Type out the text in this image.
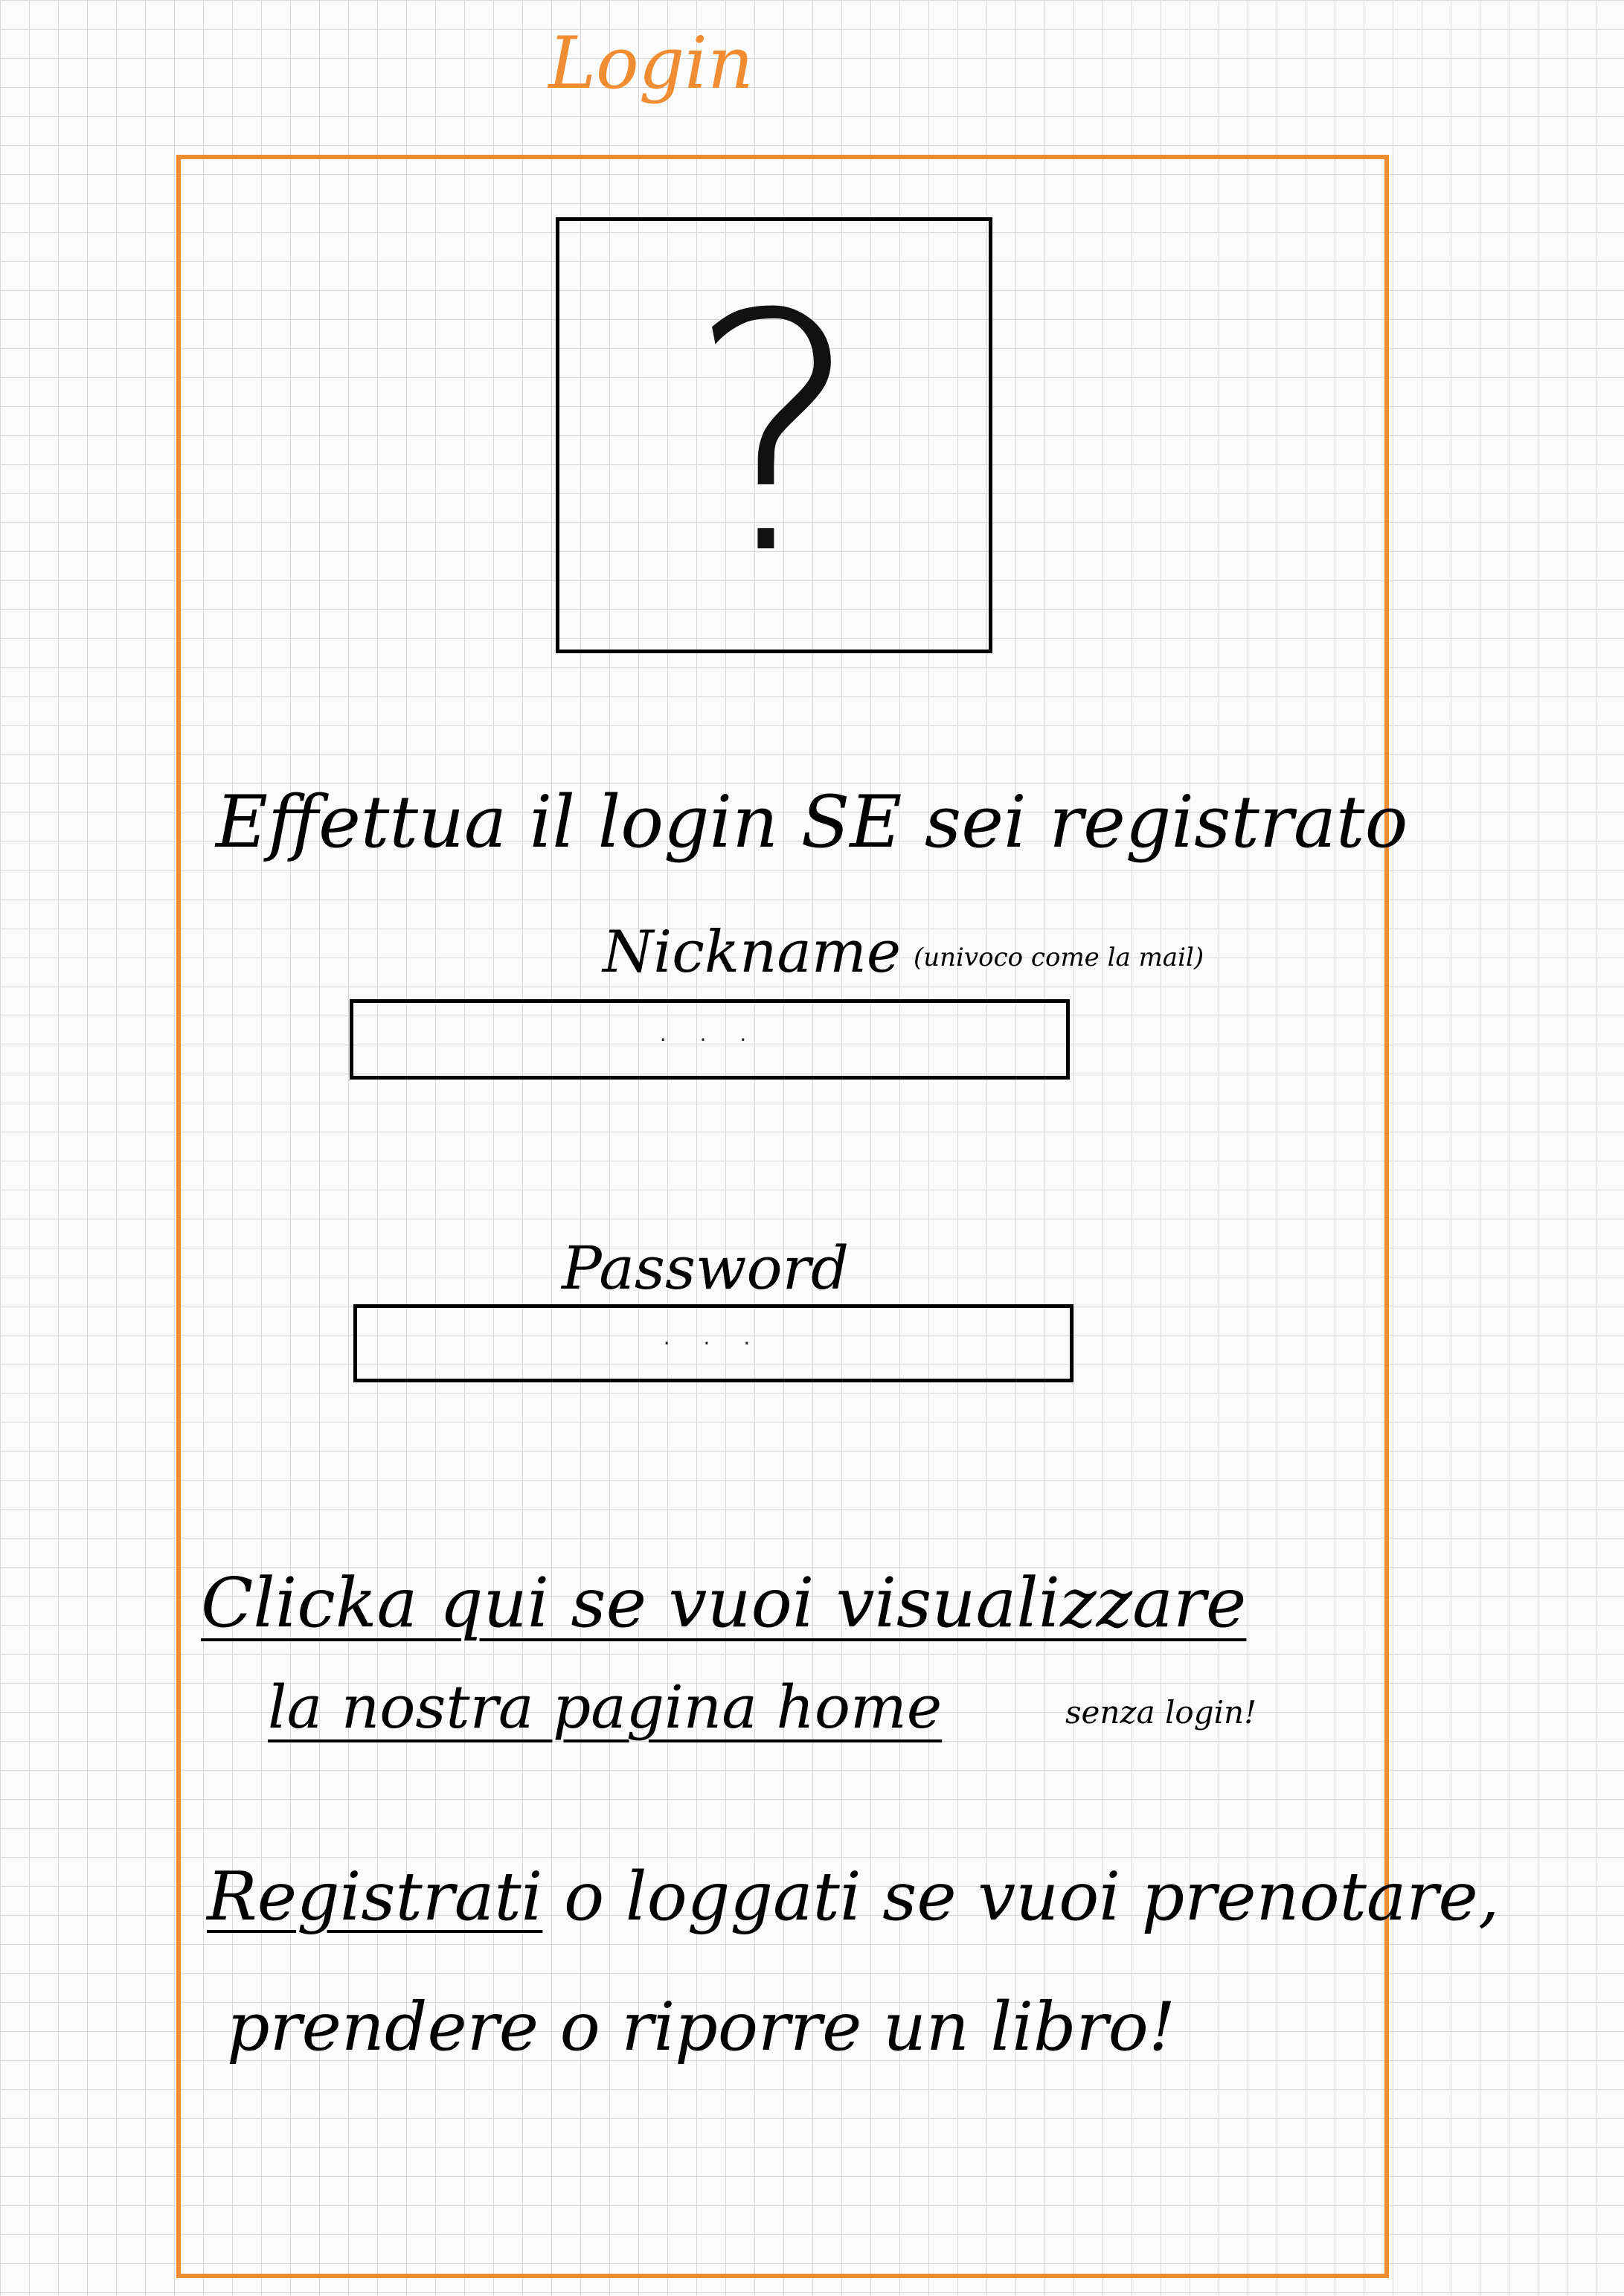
Login
?
Effettua il login SE sei registrato
Nickname (univoco come la mail)
· · ·
Password
· · ·
Clicka qui se vuoi visualizzare
la nostra pagina home	senza login!
Registrati o loggati se vuoi prenotare,
prendere o riporre un libro!
